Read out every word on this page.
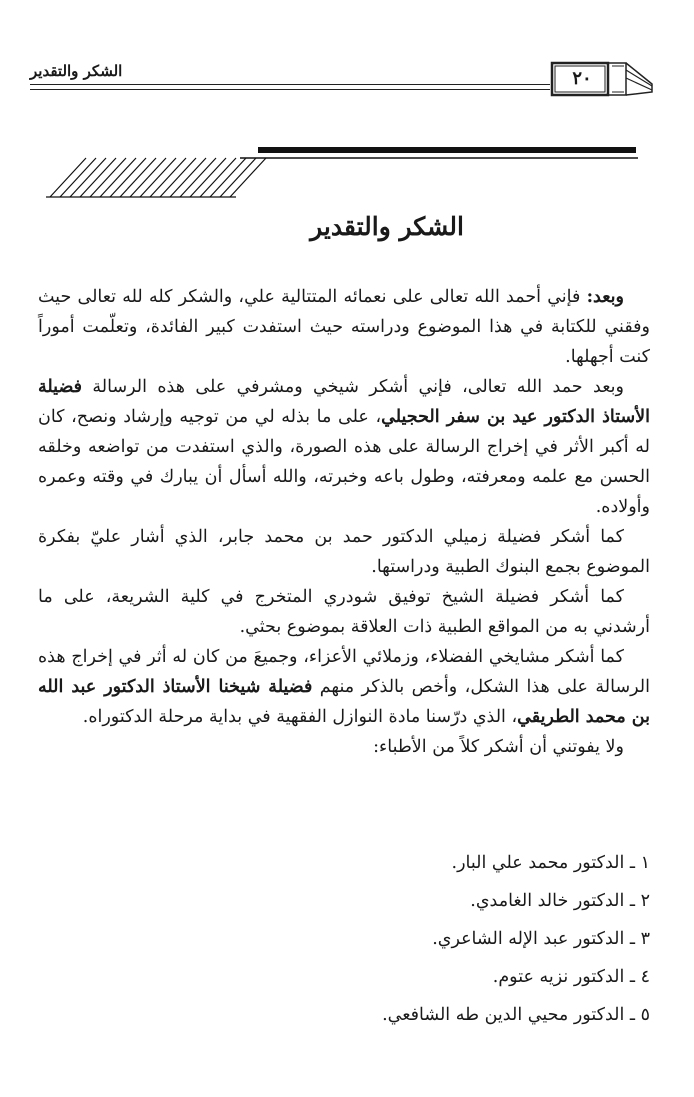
الشكر والتقدير	٢٠
الشكر والتقدير

وبعد: فإني أحمد الله تعالى على نعمائه المتتالية علي، والشكر كله لله تعالى حيث وفقني للكتابة في هذا الموضوع ودراسته حيث استفدت كبير الفائدة، وتعلّمت أموراً كنت أجهلها.

وبعد حمد الله تعالى، فإني أشكر شيخي ومشرفي على هذه الرسالة فضيلة الأستاذ الدكتور عيد بن سفر الحجيلي، على ما بذله لي من توجيه وإرشاد ونصح، كان له أكبر الأثر في إخراج الرسالة على هذه الصورة، والذي استفدت من تواضعه وخلقه الحسن مع علمه ومعرفته، وطول باعه وخبرته، والله أسأل أن يبارك في وقته وعمره وأولاده.

كما أشكر فضيلة زميلي الدكتور حمد بن محمد جابر، الذي أشار عليّ بفكرة الموضوع بجمع البنوك الطبية ودراستها.

كما أشكر فضيلة الشيخ توفيق شودري المتخرج في كلية الشريعة، على ما أرشدني به من المواقع الطبية ذات العلاقة بموضوع بحثي.

كما أشكر مشايخي الفضلاء، وزملائي الأعزاء، وجميعَ من كان له أثر في إخراج هذه الرسالة على هذا الشكل، وأخص بالذكر منهم فضيلة شيخنا الأستاذ الدكتور عبد الله بن محمد الطريقي، الذي درّسنا مادة النوازل الفقهية في بداية مرحلة الدكتوراه.

ولا يفوتني أن أشكر كلاً من الأطباء:

١ ـ الدكتور محمد علي البار.
٢ ـ الدكتور خالد الغامدي.
٣ ـ الدكتور عبد الإله الشاعري.
٤ ـ الدكتور نزيه عتوم.
٥ ـ الدكتور محيي الدين طه الشافعي.
